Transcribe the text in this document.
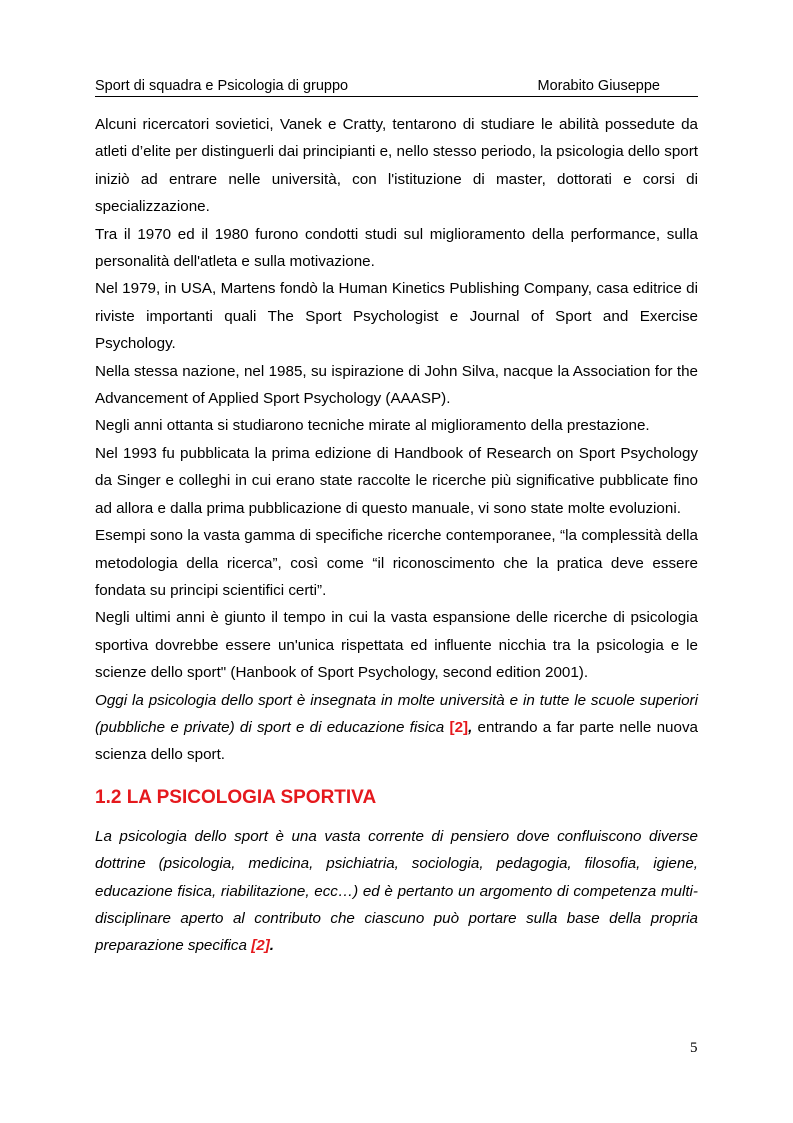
Sport di squadra e Psicologia di gruppo	Morabito Giuseppe

Alcuni ricercatori sovietici, Vanek e Cratty, tentarono di studiare le abilità possedute da atleti d’elite per distinguerli dai principianti e, nello stesso periodo, la psicologia dello sport iniziò ad entrare nelle università, con l'istituzione di master, dottorati e corsi di specializzazione.

Tra il 1970 ed il 1980 furono condotti studi sul miglioramento della performance, sulla personalità dell'atleta e sulla motivazione.

Nel 1979, in USA, Martens fondò la Human Kinetics Publishing Company, casa editrice di riviste importanti quali The Sport Psychologist e Journal of Sport and Exercise Psychology.

Nella stessa nazione, nel 1985, su ispirazione di John Silva, nacque la Association for the Advancement of Applied Sport Psychology (AAASP).

Negli anni ottanta si studiarono tecniche mirate al miglioramento della prestazione.

Nel 1993 fu pubblicata la prima edizione di Handbook of Research on Sport Psychology da Singer e colleghi in cui erano state raccolte le ricerche più significative pubblicate fino ad allora e dalla prima pubblicazione di questo manuale, vi sono state molte evoluzioni.

Esempi sono la vasta gamma di specifiche ricerche contemporanee, “la complessità della metodologia della ricerca”, così come “il riconoscimento che la pratica deve essere fondata su principi scientifici certi”.

Negli ultimi anni è giunto il tempo in cui la vasta espansione delle ricerche di psicologia sportiva dovrebbe essere un'unica rispettata ed influente nicchia tra la psicologia e le scienze dello sport" (Hanbook of Sport Psychology, second edition 2001).

Oggi la psicologia dello sport è insegnata in molte università e in tutte le scuole superiori (pubbliche e private) di sport e di educazione fisica [2], entrando a far parte nelle nuova scienza dello sport.

1.2 LA PSICOLOGIA SPORTIVA

La psicologia dello sport è una vasta corrente di pensiero dove confluiscono diverse dottrine (psicologia, medicina, psichiatria, sociologia, pedagogia, filosofia, igiene, educazione fisica, riabilitazione, ecc…) ed è pertanto un argomento di competenza multi-disciplinare aperto al contributo che ciascuno può portare sulla base della propria preparazione specifica [2].

5
